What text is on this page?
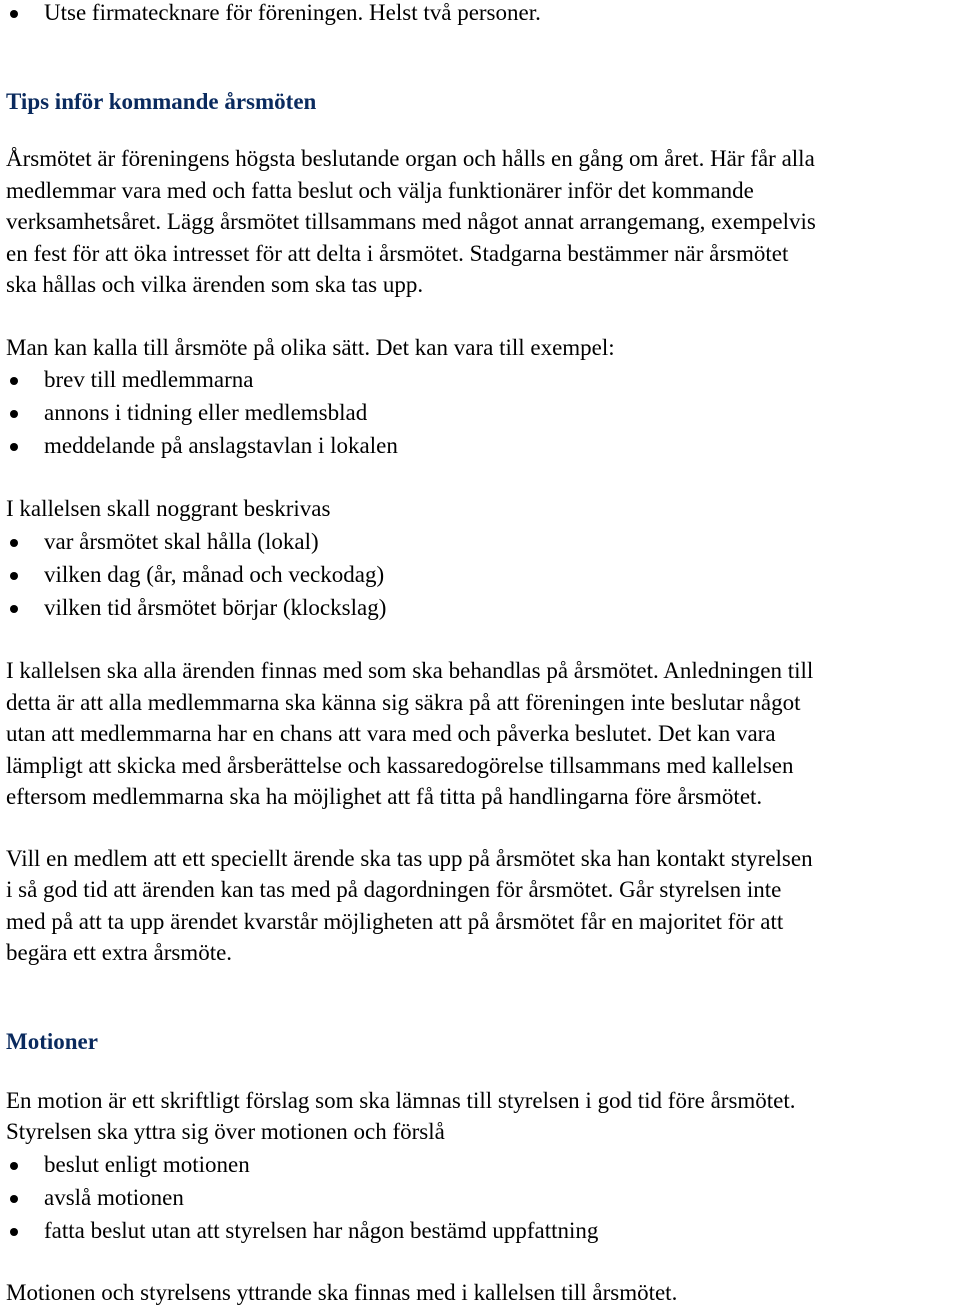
Utse firmatecknare för föreningen. Helst två personer.
Tips inför kommande årsmöten
Årsmötet är föreningens högsta beslutande organ och hålls en gång om året. Här får alla
medlemmar vara med och fatta beslut och välja funktionärer inför det kommande
verksamhetsåret. Lägg årsmötet tillsammans med något annat arrangemang, exempelvis
en fest för att öka intresset för att delta i årsmötet. Stadgarna bestämmer när årsmötet
ska hållas och vilka ärenden som ska tas upp.
Man kan kalla till årsmöte på olika sätt. Det kan vara till exempel:
brev till medlemmarna
annons i tidning eller medlemsblad
meddelande på anslagstavlan i lokalen
I kallelsen skall noggrant beskrivas
var årsmötet skal hålla (lokal)
vilken dag (år, månad och veckodag)
vilken tid årsmötet börjar (klockslag)
I kallelsen ska alla ärenden finnas med som ska behandlas på årsmötet. Anledningen till
detta är att alla medlemmarna ska känna sig säkra på att föreningen inte beslutar något
utan att medlemmarna har en chans att vara med och påverka beslutet. Det kan vara
lämpligt att skicka med årsberättelse och kassaredogörelse tillsammans med kallelsen
eftersom medlemmarna ska ha möjlighet att få titta på handlingarna före årsmötet.
Vill en medlem att ett speciellt ärende ska tas upp på årsmötet ska han kontakt styrelsen
i så god tid att ärenden kan tas med på dagordningen för årsmötet. Går styrelsen inte
med på att ta upp ärendet kvarstår möjligheten att på årsmötet får en majoritet för att
begära ett extra årsmöte.
Motioner
En motion är ett skriftligt förslag som ska lämnas till styrelsen i god tid före årsmötet.
Styrelsen ska yttra sig över motionen och förslå
beslut enligt motionen
avslå motionen
fatta beslut utan att styrelsen har någon bestämd uppfattning
Motionen och styrelsens yttrande ska finnas med i kallelsen till årsmötet.
